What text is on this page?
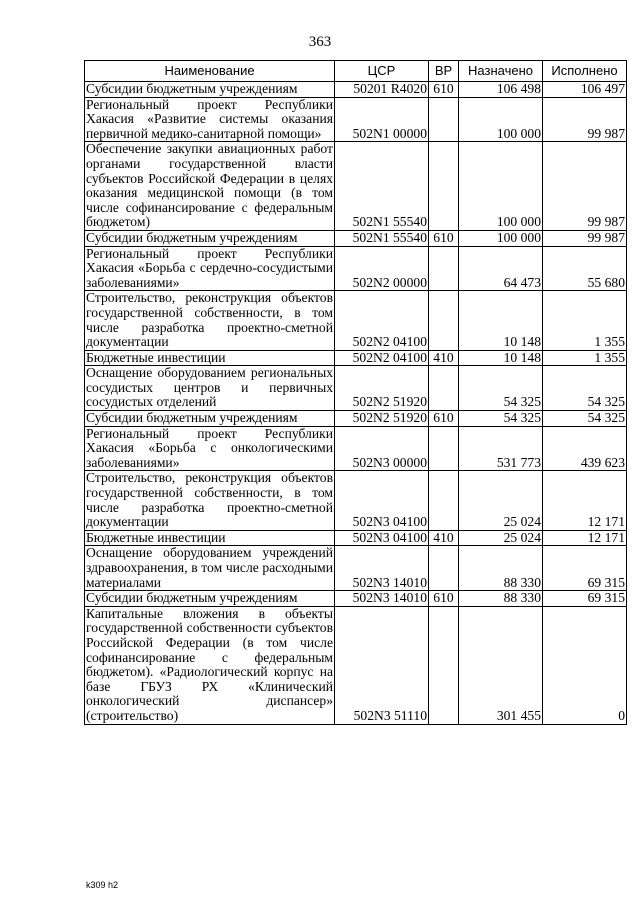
363
Наименование	ЦСР	ВР	Назначено	Исполнено
Субсидии бюджетным учреждениям	50201 R4020	610	106 498	106 497
Региональный проект Республики Хакасия «Развитие системы оказания первичной медико-санитарной помощи»	502N1 00000		100 000	99 987
Обеспечение закупки авиационных работ органами государственной власти субъектов Российской Федерации в целях оказания медицинской помощи (в том числе софинансирование с федеральным бюджетом)	502N1 55540		100 000	99 987
Субсидии бюджетным учреждениям	502N1 55540	610	100 000	99 987
Региональный проект Республики Хакасия «Борьба с сердечно-сосудистыми заболеваниями»	502N2 00000		64 473	55 680
Строительство, реконструкция объектов государственной собственности, в том числе разработка проектно-сметной документации	502N2 04100		10 148	1 355
Бюджетные инвестиции	502N2 04100	410	10 148	1 355
Оснащение оборудованием региональных сосудистых центров и первичных сосудистых отделений	502N2 51920		54 325	54 325
Субсидии бюджетным учреждениям	502N2 51920	610	54 325	54 325
Региональный проект Республики Хакасия «Борьба с онкологическими заболеваниями»	502N3 00000		531 773	439 623
Строительство, реконструкция объектов государственной собственности, в том числе разработка проектно-сметной документации	502N3 04100		25 024	12 171
Бюджетные инвестиции	502N3 04100	410	25 024	12 171
Оснащение оборудованием учреждений здравоохранения, в том числе расходными материалами	502N3 14010		88 330	69 315
Субсидии бюджетным учреждениям	502N3 14010	610	88 330	69 315
Капитальные вложения в объекты государственной собственности субъектов Российской Федерации (в том числе софинансирование с федеральным бюджетом). «Радиологический корпус на базе ГБУЗ РХ «Клинический онкологический диспансер» (строительство)	502N3 51110		301 455	0
k309 h2
